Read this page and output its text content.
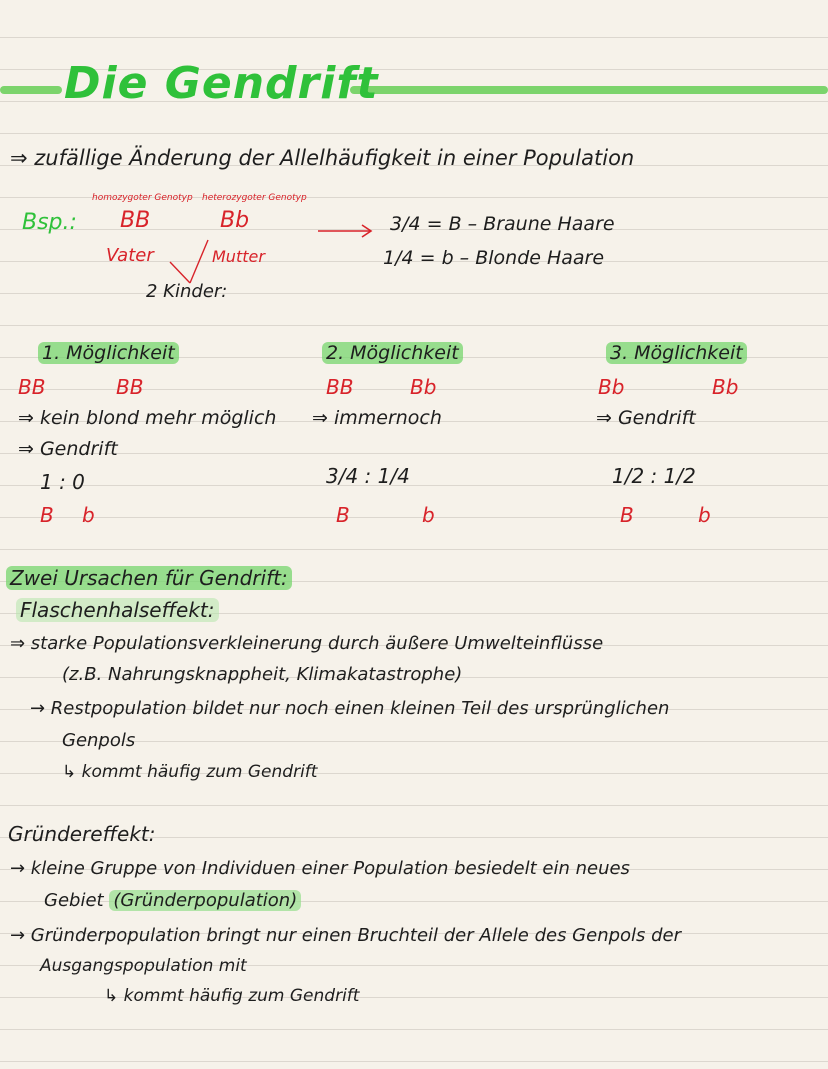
Die Gendrift
⇒ zufällige Änderung der Allelhäufigkeit in einer Population
Bsp.:
homozygoter Genotyp heterozygoter Genotyp
BB	Bb
Vater	Mutter
2 Kinder:
3/4 = B – Braune Haare
1/4 = b – Blonde Haare
1. Möglichkeit
BB	BB
⇒ kein blond mehr möglich
⇒ Gendrift
1 : 0
B b
2. Möglichkeit
BB	Bb
⇒ immernoch
3/4 : 1/4
B	b
3. Möglichkeit
Bb	Bb
⇒ Gendrift
1/2 : 1/2
B	b
Zwei Ursachen für Gendrift:
Flaschenhalseffekt:
⇒ starke Populationsverkleinerung durch äußere Umwelteinflüsse
(z.B. Nahrungsknappheit, Klimakatastrophe)
→ Restpopulation bildet nur noch einen kleinen Teil des ursprünglichen
Genpols
↳ kommt häufig zum Gendrift
Gründereffekt:
→ kleine Gruppe von Individuen einer Population besiedelt ein neues
Gebiet (Gründerpopulation)
→ Gründerpopulation bringt nur einen Bruchteil der Allele des Genpols der
Ausgangspopulation mit
↳ kommt häufig zum Gendrift
